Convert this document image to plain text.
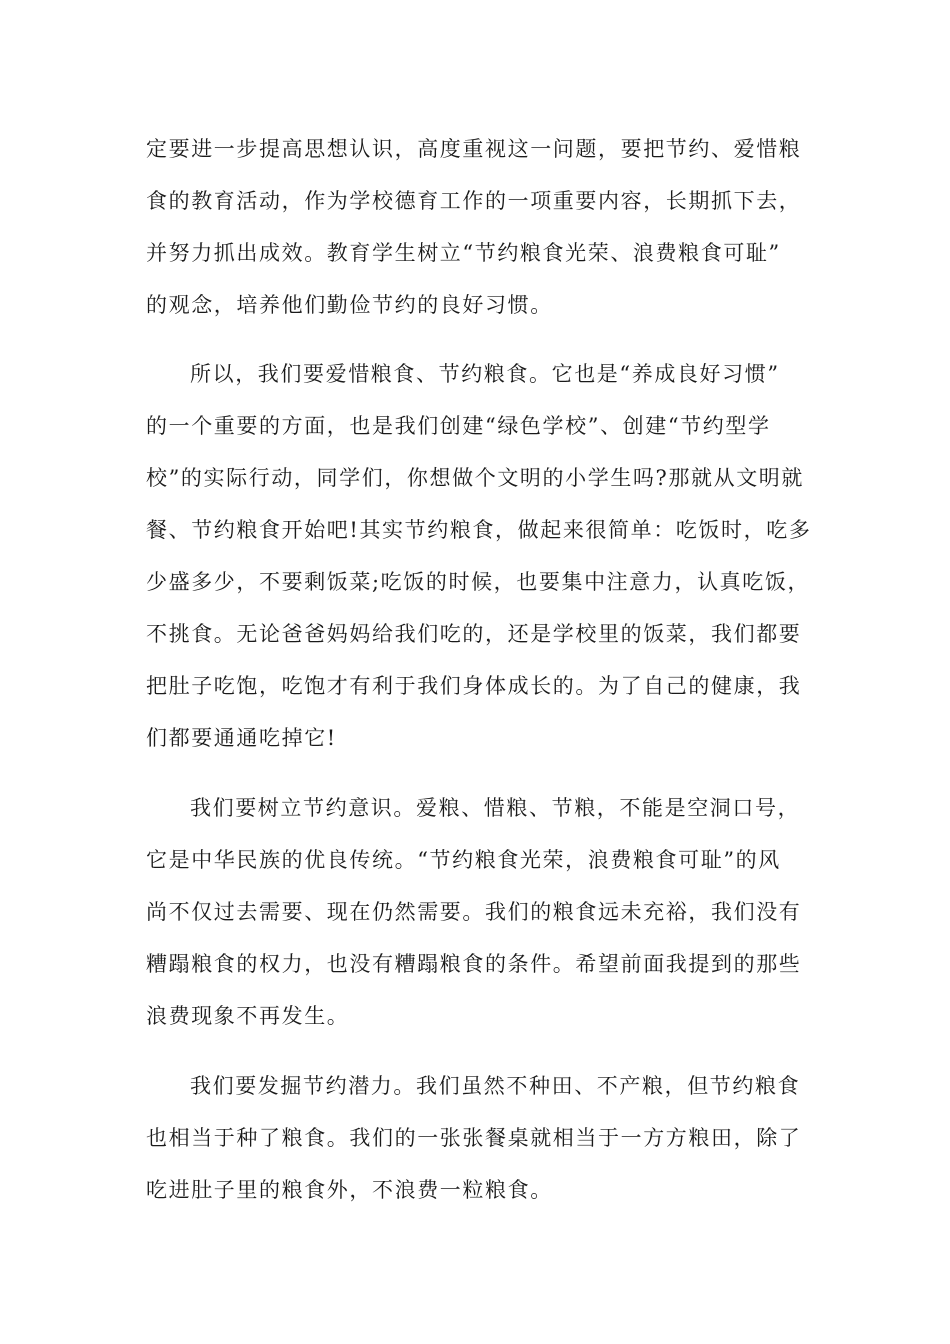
定要进一步提高思想认识，高度重视这一问题，要把节约、爱惜粮
食的教育活动，作为学校德育工作的一项重要内容，长期抓下去，
并努力抓出成效。教育学生树立“节约粮食光荣、浪费粮食可耻”
的观念，培养他们勤俭节约的良好习惯。
所以，我们要爱惜粮食、节约粮食。它也是“养成良好习惯”
的一个重要的方面，也是我们创建“绿色学校”、创建“节约型学
校”的实际行动，同学们，你想做个文明的小学生吗?那就从文明就
餐、节约粮食开始吧!其实节约粮食，做起来很简单：吃饭时，吃多
少盛多少，不要剩饭菜;吃饭的时候，也要集中注意力，认真吃饭，
不挑食。无论爸爸妈妈给我们吃的，还是学校里的饭菜，我们都要
把肚子吃饱，吃饱才有利于我们身体成长的。为了自己的健康，我
们都要通通吃掉它!
我们要树立节约意识。爱粮、惜粮、节粮，不能是空洞口号，
它是中华民族的优良传统。“节约粮食光荣，浪费粮食可耻”的风
尚不仅过去需要、现在仍然需要。我们的粮食远未充裕，我们没有
糟蹋粮食的权力，也没有糟蹋粮食的条件。希望前面我提到的那些
浪费现象不再发生。
我们要发掘节约潜力。我们虽然不种田、不产粮，但节约粮食
也相当于种了粮食。我们的一张张餐桌就相当于一方方粮田，除了
吃进肚子里的粮食外，不浪费一粒粮食。
